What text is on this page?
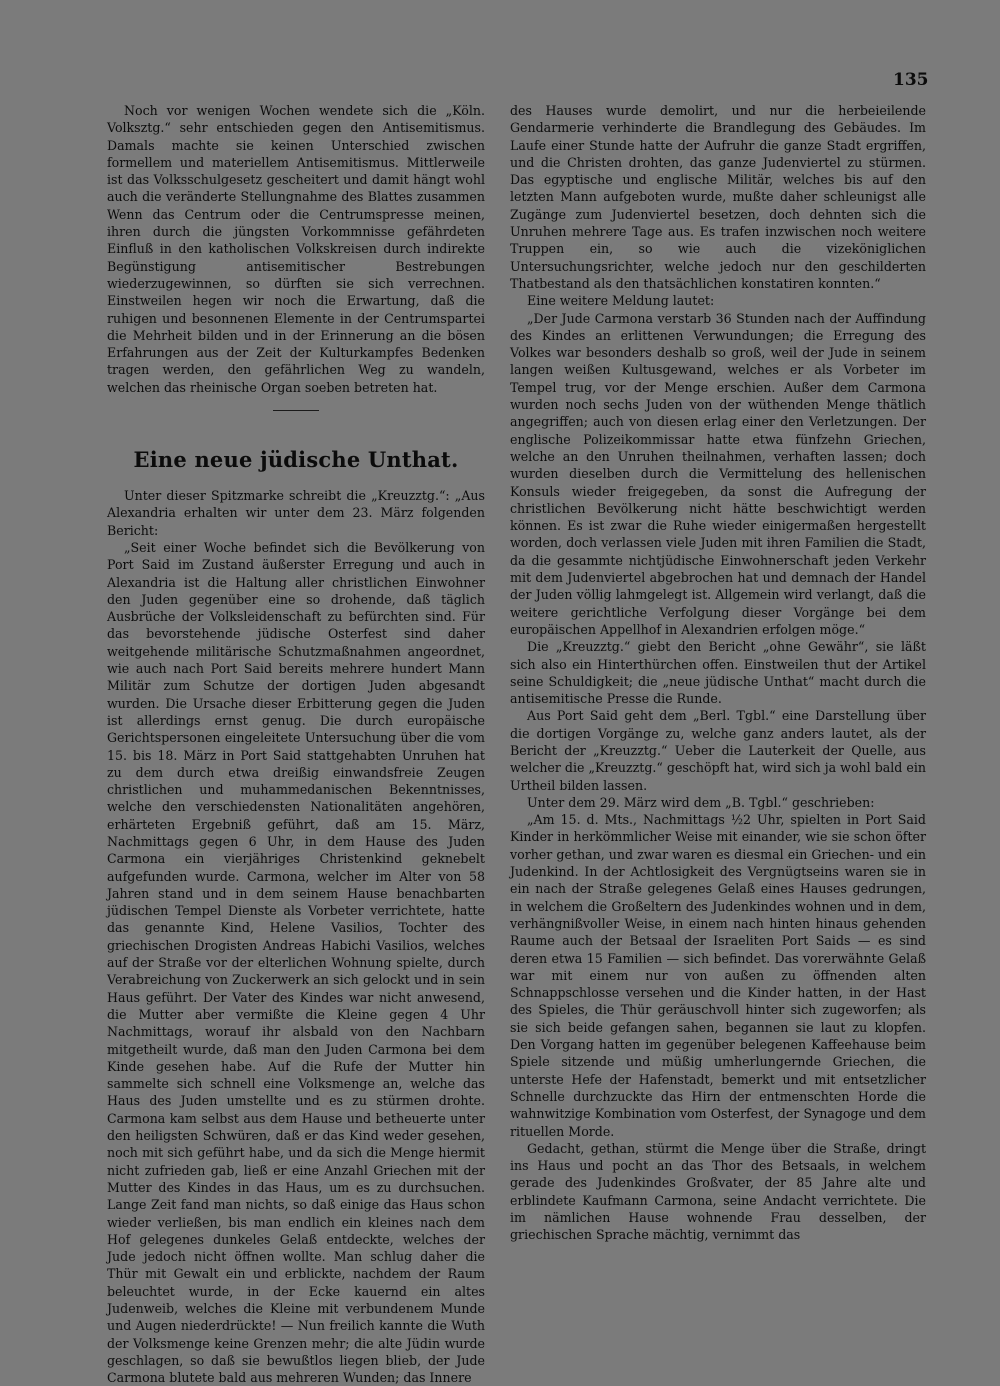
135

Noch vor wenigen Wochen wendete sich die „Köln. Volksztg.“ sehr entschieden gegen den Antisemitismus. Damals machte sie keinen Unterschied zwischen formellem und materiellem Antisemitismus. Mittlerweile ist das Volksschulgesetz gescheitert und damit hängt wohl auch die veränderte Stellungnahme des Blattes zusammen Wenn das Centrum oder die Centrumspresse meinen, ihren durch die jüngsten Vorkommnisse gefährdeten Einfluß in den katholischen Volkskreisen durch indirekte Begünstigung antisemitischer Bestrebungen wiederzugewinnen, so dürften sie sich verrechnen. Einstweilen hegen wir noch die Erwartung, daß die ruhigen und besonnenen Elemente in der Centrumspartei die Mehrheit bilden und in der Erinnerung an die bösen Erfahrungen aus der Zeit der Kulturkampfes Bedenken tragen werden, den gefährlichen Weg zu wandeln, welchen das rheinische Organ soeben betreten hat.

Eine neue jüdische Unthat.

Unter dieser Spitzmarke schreibt die „Kreuzztg.“: „Aus Alexandria erhalten wir unter dem 23. März folgenden Bericht:

„Seit einer Woche befindet sich die Bevölkerung von Port Said im Zustand äußerster Erregung und auch in Alexandria ist die Haltung aller christlichen Einwohner den Juden gegenüber eine so drohende, daß täglich Ausbrüche der Volksleidenschaft zu befürchten sind. Für das bevorstehende jüdische Osterfest sind daher weitgehende militärische Schutzmaßnahmen angeordnet, wie auch nach Port Said bereits mehrere hundert Mann Militär zum Schutze der dortigen Juden abgesandt wurden. Die Ursache dieser Erbitterung gegen die Juden ist allerdings ernst genug. Die durch europäische Gerichtspersonen eingeleitete Untersuchung über die vom 15. bis 18. März in Port Said stattgehabten Unruhen hat zu dem durch etwa dreißig einwandsfreie Zeugen christlichen und muhammedanischen Bekenntnisses, welche den verschiedensten Nationalitäten angehören, erhärteten Ergebniß geführt, daß am 15. März, Nachmittags gegen 6 Uhr, in dem Hause des Juden Carmona ein vierjähriges Christenkind geknebelt aufgefunden wurde. Carmona, welcher im Alter von 58 Jahren stand und in dem seinem Hause benachbarten jüdischen Tempel Dienste als Vorbeter verrichtete, hatte das genannte Kind, Helene Vasilios, Tochter des griechischen Drogisten Andreas Habichi Vasilios, welches auf der Straße vor der elterlichen Wohnung spielte, durch Verabreichung von Zuckerwerk an sich gelockt und in sein Haus geführt. Der Vater des Kindes war nicht anwesend, die Mutter aber vermißte die Kleine gegen 4 Uhr Nachmittags, worauf ihr alsbald von den Nachbarn mitgetheilt wurde, daß man den Juden Carmona bei dem Kinde gesehen habe. Auf die Rufe der Mutter hin sammelte sich schnell eine Volksmenge an, welche das Haus des Juden umstellte und es zu stürmen drohte. Carmona kam selbst aus dem Hause und betheuerte unter den heiligsten Schwüren, daß er das Kind weder gesehen, noch mit sich geführt habe, und da sich die Menge hiermit nicht zufrieden gab, ließ er eine Anzahl Griechen mit der Mutter des Kindes in das Haus, um es zu durchsuchen. Lange Zeit fand man nichts, so daß einige das Haus schon wieder verließen, bis man endlich ein kleines nach dem Hof gelegenes dunkeles Gelaß entdeckte, welches der Jude jedoch nicht öffnen wollte. Man schlug daher die Thür mit Gewalt ein und erblickte, nachdem der Raum beleuchtet wurde, in der Ecke kauernd ein altes Judenweib, welches die Kleine mit verbundenem Munde und Augen niederdrückte! — Nun freilich kannte die Wuth der Volksmenge keine Grenzen mehr; die alte Jüdin wurde geschlagen, so daß sie bewußtlos liegen blieb, der Jude Carmona blutete bald aus mehreren Wunden; das Innere

des Hauses wurde demolirt, und nur die herbeieilende Gendarmerie verhinderte die Brandlegung des Gebäudes. Im Laufe einer Stunde hatte der Aufruhr die ganze Stadt ergriffen, und die Christen drohten, das ganze Judenviertel zu stürmen. Das egyptische und englische Militär, welches bis auf den letzten Mann aufgeboten wurde, mußte daher schleunigst alle Zugänge zum Judenviertel besetzen, doch dehnten sich die Unruhen mehrere Tage aus. Es trafen inzwischen noch weitere Truppen ein, so wie auch die vizeköniglichen Untersuchungsrichter, welche jedoch nur den geschilderten Thatbestand als den thatsächlichen konstatiren konnten.“

Eine weitere Meldung lautet:

„Der Jude Carmona verstarb 36 Stunden nach der Auffindung des Kindes an erlittenen Verwundungen; die Erregung des Volkes war besonders deshalb so groß, weil der Jude in seinem langen weißen Kultusgewand, welches er als Vorbeter im Tempel trug, vor der Menge erschien. Außer dem Carmona wurden noch sechs Juden von der wüthenden Menge thätlich angegriffen; auch von diesen erlag einer den Verletzungen. Der englische Polizeikommissar hatte etwa fünfzehn Griechen, welche an den Unruhen theilnahmen, verhaften lassen; doch wurden dieselben durch die Vermittelung des hellenischen Konsuls wieder freigegeben, da sonst die Aufregung der christlichen Bevölkerung nicht hätte beschwichtigt werden können. Es ist zwar die Ruhe wieder einigermaßen hergestellt worden, doch verlassen viele Juden mit ihren Familien die Stadt, da die gesammte nichtjüdische Einwohnerschaft jeden Verkehr mit dem Judenviertel abgebrochen hat und demnach der Handel der Juden völlig lahmgelegt ist. Allgemein wird verlangt, daß die weitere gerichtliche Verfolgung dieser Vorgänge bei dem europäischen Appellhof in Alexandrien erfolgen möge.“

Die „Kreuzztg.“ giebt den Bericht „ohne Gewähr“, sie läßt sich also ein Hinterthürchen offen. Einstweilen thut der Artikel seine Schuldigkeit; die „neue jüdische Unthat“ macht durch die antisemitische Presse die Runde.

Aus Port Said geht dem „Berl. Tgbl.“ eine Darstellung über die dortigen Vorgänge zu, welche ganz anders lautet, als der Bericht der „Kreuzztg.“ Ueber die Lauterkeit der Quelle, aus welcher die „Kreuzztg.“ geschöpft hat, wird sich ja wohl bald ein Urtheil bilden lassen.

Unter dem 29. März wird dem „B. Tgbl.“ geschrieben:

„Am 15. d. Mts., Nachmittags ½2 Uhr, spielten in Port Said Kinder in herkömmlicher Weise mit einander, wie sie schon öfter vorher gethan, und zwar waren es diesmal ein Griechen- und ein Judenkind. In der Achtlosigkeit des Vergnügtseins waren sie in ein nach der Straße gelegenes Gelaß eines Hauses gedrungen, in welchem die Großeltern des Judenkindes wohnen und in dem, verhängnißvoller Weise, in einem nach hinten hinaus gehenden Raume auch der Betsaal der Israeliten Port Saids — es sind deren etwa 15 Familien — sich befindet. Das vorerwähnte Gelaß war mit einem nur von außen zu öffnenden alten Schnappschlosse versehen und die Kinder hatten, in der Hast des Spieles, die Thür geräuschvoll hinter sich zugeworfen; als sie sich beide gefangen sahen, begannen sie laut zu klopfen. Den Vorgang hatten im gegenüber belegenen Kaffeehause beim Spiele sitzende und müßig umherlungernde Griechen, die unterste Hefe der Hafenstadt, bemerkt und mit entsetzlicher Schnelle durchzuckte das Hirn der entmenschten Horde die wahnwitzige Kombination vom Osterfest, der Synagoge und dem rituellen Morde.

Gedacht, gethan, stürmt die Menge über die Straße, dringt ins Haus und pocht an das Thor des Betsaals, in welchem gerade des Judenkindes Großvater, der 85 Jahre alte und erblindete Kaufmann Carmona, seine Andacht verrichtete. Die im nämlichen Hause wohnende Frau desselben, der griechischen Sprache mächtig, vernimmt das
